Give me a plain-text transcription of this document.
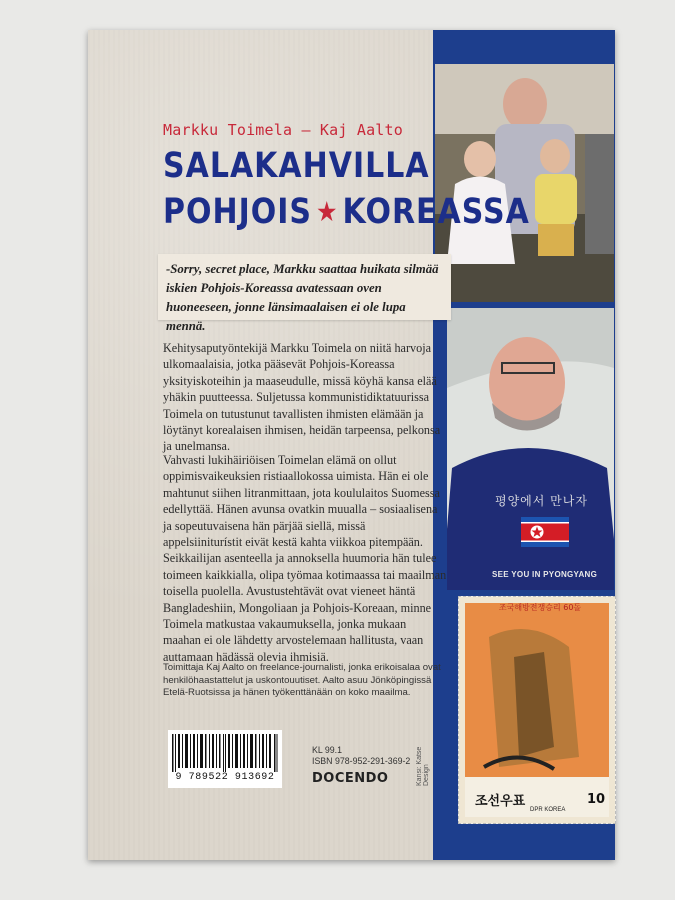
평양에서 만나자
SEE YOU IN PYONGYANG
조국해방전쟁승리 60돌
조선우표
DPR KOREA
10
Markku Toimela – Kaj Aalto
SALAKAHVILLA
POHJOIS ★ KOREASSA
-Sorry, secret place, Markku saattaa huikata silmää iskien Pohjois-Koreassa avatessaan oven huoneeseen, jonne länsimaalaisen ei ole lupa mennä.
Kehitysaputyöntekijä Markku Toimela on niitä harvoja ulkomaalaisia, jotka pääsevät Pohjois-Koreassa yksityiskoteihin ja maaseudulle, missä köyhä kansa elää yhäkin puutteessa. Suljetussa kommunistidiktatuurissa Toimela on tutustunut tavallisten ihmisten elämään ja löytänyt korealaisen ihmisen, heidän tarpeensa, pelkonsa ja unelmansa.
Vahvasti lukihäiriöisen Toimelan elämä on ollut oppimisvaikeuksien ristiaallokossa uimista. Hän ei ole mahtunut siihen litranmittaan, jota koululaitos Suomessa edellyttää. Hänen avunsa ovatkin muualla – sosiaalisena ja sopeutuvaisena hän pärjää siellä, missä appelsiiniturístit eivät kestä kahta viikkoa pitempään. Seikkailijan asenteella ja annoksella huumoria hän tulee toimeen kaikkialla, olipa työmaa kotimaassa tai maailman toisella puolella. Avustustehtävät ovat vieneet häntä Bangladeshiin, Mongoliaan ja Pohjois-Koreaan, minne Toimela matkustaa vakaumuksella, jonka mukaan maahan ei ole lähdetty arvostelemaan hallitusta, vaan auttamaan hädässä olevia ihmisiä.
Toimittaja Kaj Aalto on freelance-journalisti, jonka erikoisalaa ovat henkilöhaastattelut ja uskontouutiset. Aalto asuu Jönköpingissä Etelä-Ruotsissa ja hänen työkenttänään on koko maailma.
9 789522 913692
KL 99.1
ISBN 978-952-291-369-2
DOCENDO	Kansi: Katse Design
